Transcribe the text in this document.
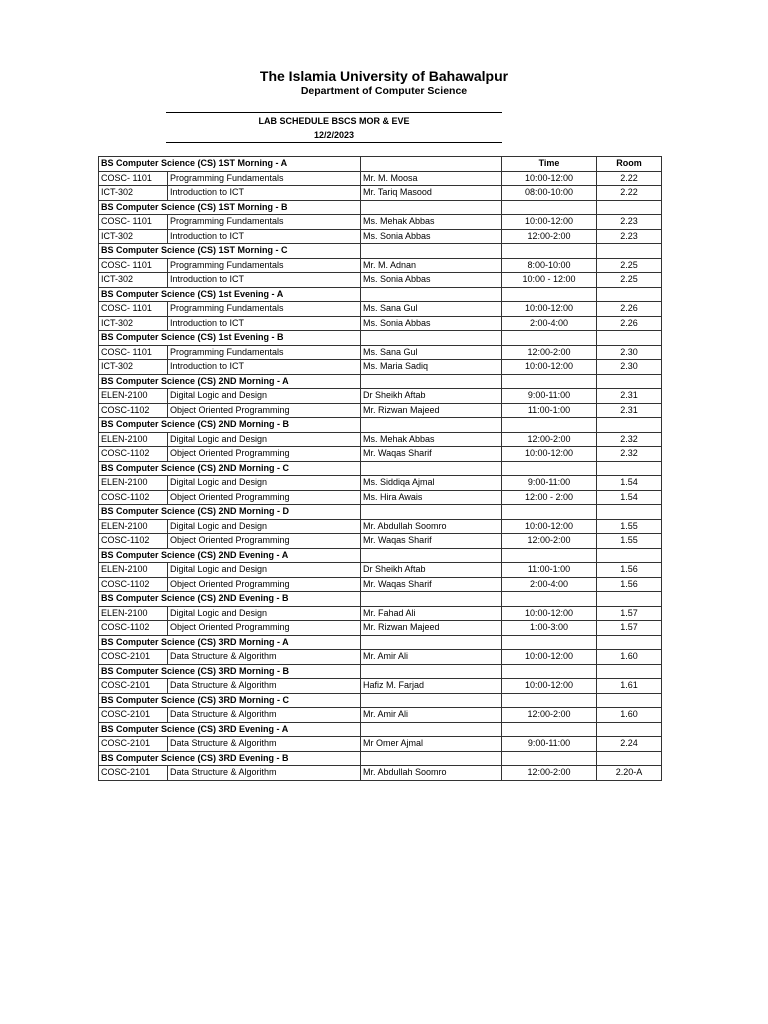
The Islamia University of Bahawalpur
Department of Computer Science
LAB SCHEDULE BSCS MOR & EVE
12/2/2023
BS Computer Science (CS) 1ST Morning - A			Time	Room
COSC- 1101	Programming Fundamentals	Mr. M. Moosa	10:00-12:00	2.22
ICT-302	Introduction to ICT	Mr. Tariq Masood	08:00-10:00	2.22
BS Computer Science (CS) 1ST Morning - B				
COSC- 1101	Programming Fundamentals	Ms. Mehak Abbas	10:00-12:00	2.23
ICT-302	Introduction to ICT	Ms. Sonia Abbas	12:00-2:00	2.23
BS Computer Science (CS) 1ST Morning - C				
COSC- 1101	Programming Fundamentals	Mr. M. Adnan	8:00-10:00	2.25
ICT-302	Introduction to ICT	Ms. Sonia Abbas	10:00 - 12:00	2.25
BS Computer Science (CS) 1st Evening - A				
COSC- 1101	Programming Fundamentals	Ms. Sana Gul	10:00-12:00	2.26
ICT-302	Introduction to ICT	Ms. Sonia Abbas	2:00-4:00	2.26
BS Computer Science (CS) 1st Evening - B				
COSC- 1101	Programming Fundamentals	Ms. Sana Gul	12:00-2:00	2.30
ICT-302	Introduction to ICT	Ms. Maria Sadiq	10:00-12:00	2.30
BS Computer Science (CS) 2ND Morning - A				
ELEN-2100	Digital Logic and Design	Dr Sheikh Aftab	9:00-11:00	2.31
COSC-1102	Object Oriented Programming	Mr. Rizwan Majeed	11:00-1:00	2.31
BS Computer Science (CS) 2ND Morning - B				
ELEN-2100	Digital Logic and Design	Ms. Mehak Abbas	12:00-2:00	2.32
COSC-1102	Object Oriented Programming	Mr. Waqas Sharif	10:00-12:00	2.32
BS Computer Science (CS) 2ND Morning - C				
ELEN-2100	Digital Logic and Design	Ms. Siddiqa Ajmal	9:00-11:00	1.54
COSC-1102	Object Oriented Programming	Ms. Hira Awais	12:00 - 2:00	1.54
BS Computer Science (CS) 2ND Morning - D				
ELEN-2100	Digital Logic and Design	Mr. Abdullah Soomro	10:00-12:00	1.55
COSC-1102	Object Oriented Programming	Mr. Waqas Sharif	12:00-2:00	1.55
BS Computer Science (CS) 2ND Evening - A				
ELEN-2100	Digital Logic and Design	Dr Sheikh Aftab	11:00-1:00	1.56
COSC-1102	Object Oriented Programming	Mr. Waqas Sharif	2:00-4:00	1.56
BS Computer Science (CS) 2ND Evening - B				
ELEN-2100	Digital Logic and Design	Mr. Fahad Ali	10:00-12:00	1.57
COSC-1102	Object Oriented Programming	Mr. Rizwan Majeed	1:00-3:00	1.57
BS Computer Science (CS) 3RD Morning - A				
COSC-2101	Data Structure & Algorithm	Mr. Amir Ali	10:00-12:00	1.60
BS Computer Science (CS) 3RD Morning - B				
COSC-2101	Data Structure & Algorithm	Hafiz M. Farjad	10:00-12:00	1.61
BS Computer Science (CS) 3RD Morning - C				
COSC-2101	Data Structure & Algorithm	Mr. Amir Ali	12:00-2:00	1.60
BS Computer Science (CS) 3RD Evening - A				
COSC-2101	Data Structure & Algorithm	Mr Omer Ajmal	9:00-11:00	2.24
BS Computer Science (CS) 3RD Evening - B				
COSC-2101	Data Structure & Algorithm	Mr. Abdullah Soomro	12:00-2:00	2.20-A
